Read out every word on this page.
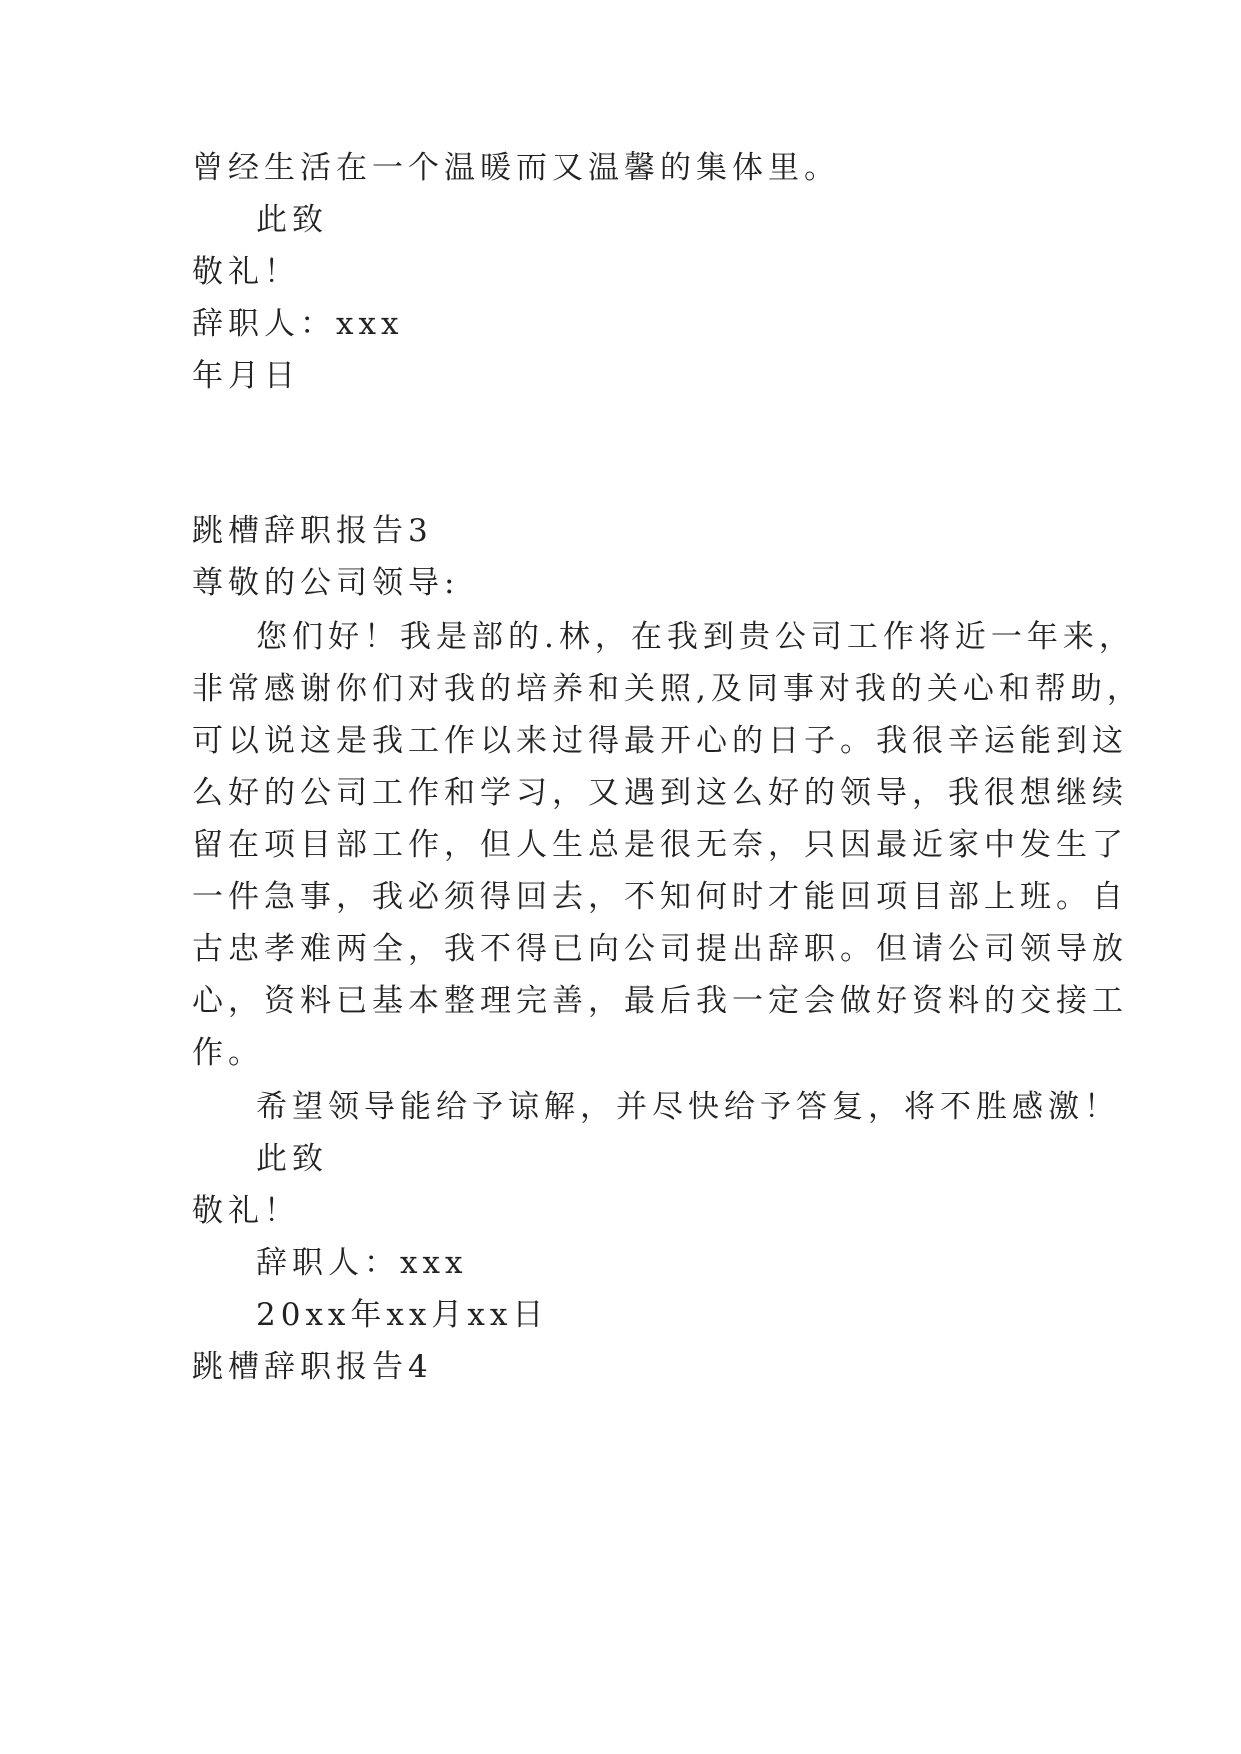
曾经生活在一个温暖而又温馨的集体里。
此致
敬礼！
辞职人：xxx
年月日
跳槽辞职报告3
尊敬的公司领导:
您们好！我是部的.林，在我到贵公司工作将近一年来，
非常感谢你们对我的培养和关照,及同事对我的关心和帮助，
可以说这是我工作以来过得最开心的日子。我很辛运能到这
么好的公司工作和学习，又遇到这么好的领导，我很想继续
留在项目部工作，但人生总是很无奈，只因最近家中发生了
一件急事，我必须得回去，不知何时才能回项目部上班。自
古忠孝难两全，我不得已向公司提出辞职。但请公司领导放
心，资料已基本整理完善，最后我一定会做好资料的交接工
作。
希望领导能给予谅解，并尽快给予答复，将不胜感激！
此致
敬礼！
辞职人：xxx
20xx年xx月xx日
跳槽辞职报告4
